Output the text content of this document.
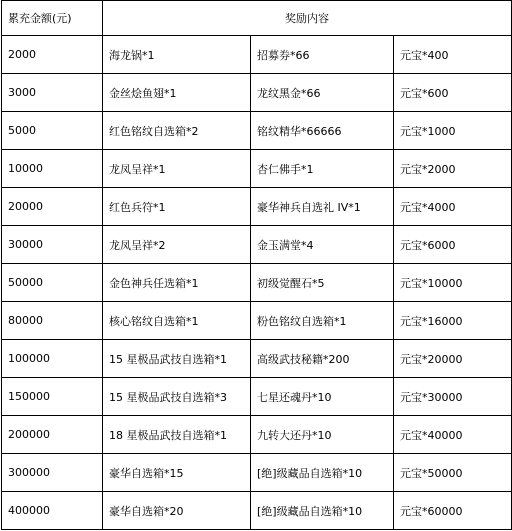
累充金额(元)	奖励内容		
2000	海龙锅*1	招募券*66	元宝*400
3000	金丝烩鱼翅*1	龙纹黑金*66	元宝*600
5000	红色铭纹自选箱*2	铭纹精华*66666	元宝*1000
10000	龙凤呈祥*1	杏仁佛手*1	元宝*2000
20000	红色兵符*1	豪华神兵自选礼 IV*1	元宝*4000
30000	龙凤呈祥*2	金玉满堂*4	元宝*6000
50000	金色神兵任选箱*1	初级觉醒石*5	元宝*10000
80000	核心铭纹自选箱*1	粉色铭纹自选箱*1	元宝*16000
100000	15 星极品武技自选箱*1	高级武技秘籍*200	元宝*20000
150000	15 星极品武技自选箱*3	七星还魂丹*10	元宝*30000
200000	18 星极品武技自选箱*1	九转大还丹*10	元宝*40000
300000	豪华自选箱*15	[绝]级藏品自选箱*10	元宝*50000
400000	豪华自选箱*20	[绝]级藏品自选箱*10	元宝*60000
